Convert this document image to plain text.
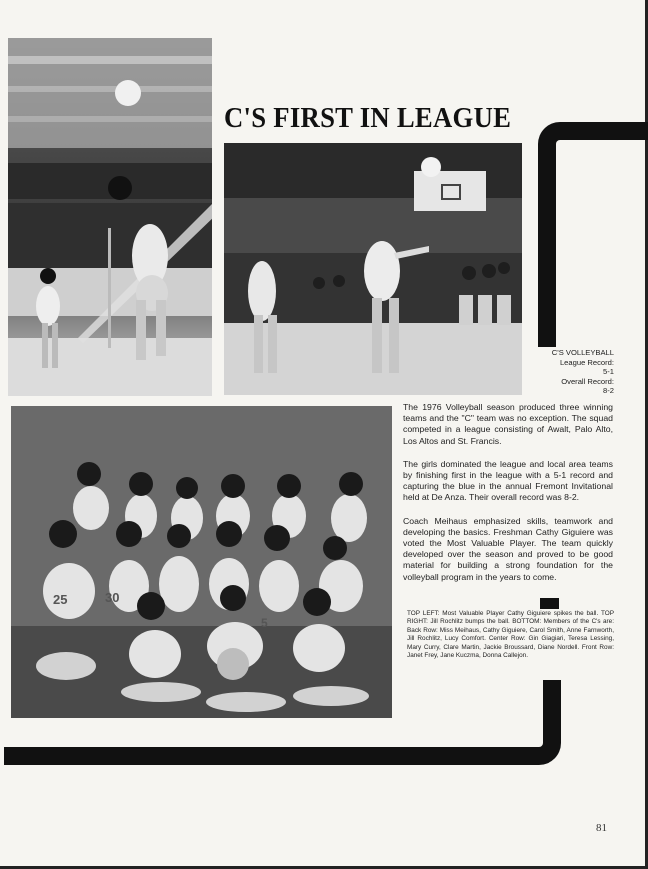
C'S FIRST IN LEAGUE
C'S VOLLEYBALL
League Record:
5-1
Overall Record:
8-2
25	30
5

The 1976 Volleyball season produced three winning teams and the "C" team was no exception. The squad competed in a league consisting of Awalt, Palo Alto, Los Altos and St. Francis.

The girls dominated the league and local area teams by finishing first in the league with a 5-1 record and capturing the blue in the annual Fremont Invitational held at De Anza. Their overall record was 8-2.

Coach Meihaus emphasized skills, teamwork and developing the basics. Freshman Cathy Giguiere was voted the Most Valuable Player. The team quickly developed over the season and proved to be good material for building a strong foundation for the volleyball program in the years to come.

TOP LEFT: Most Valuable Player Cathy Giguiere spikes the ball. TOP RIGHT: Jill Rochlitz bumps the ball. BOTTOM: Members of the C's are: Back Row: Miss Meihaus, Cathy Giguiere, Carol Smith, Anne Farnworth, Jill Rochlitz, Lucy Comfort. Center Row: Gin Giagiari, Teresa Lessing, Mary Curry, Clare Martin, Jackie Broussard, Diane Nordell. Front Row: Janet Frey, Jane Kuczma, Donna Callejon.
81
